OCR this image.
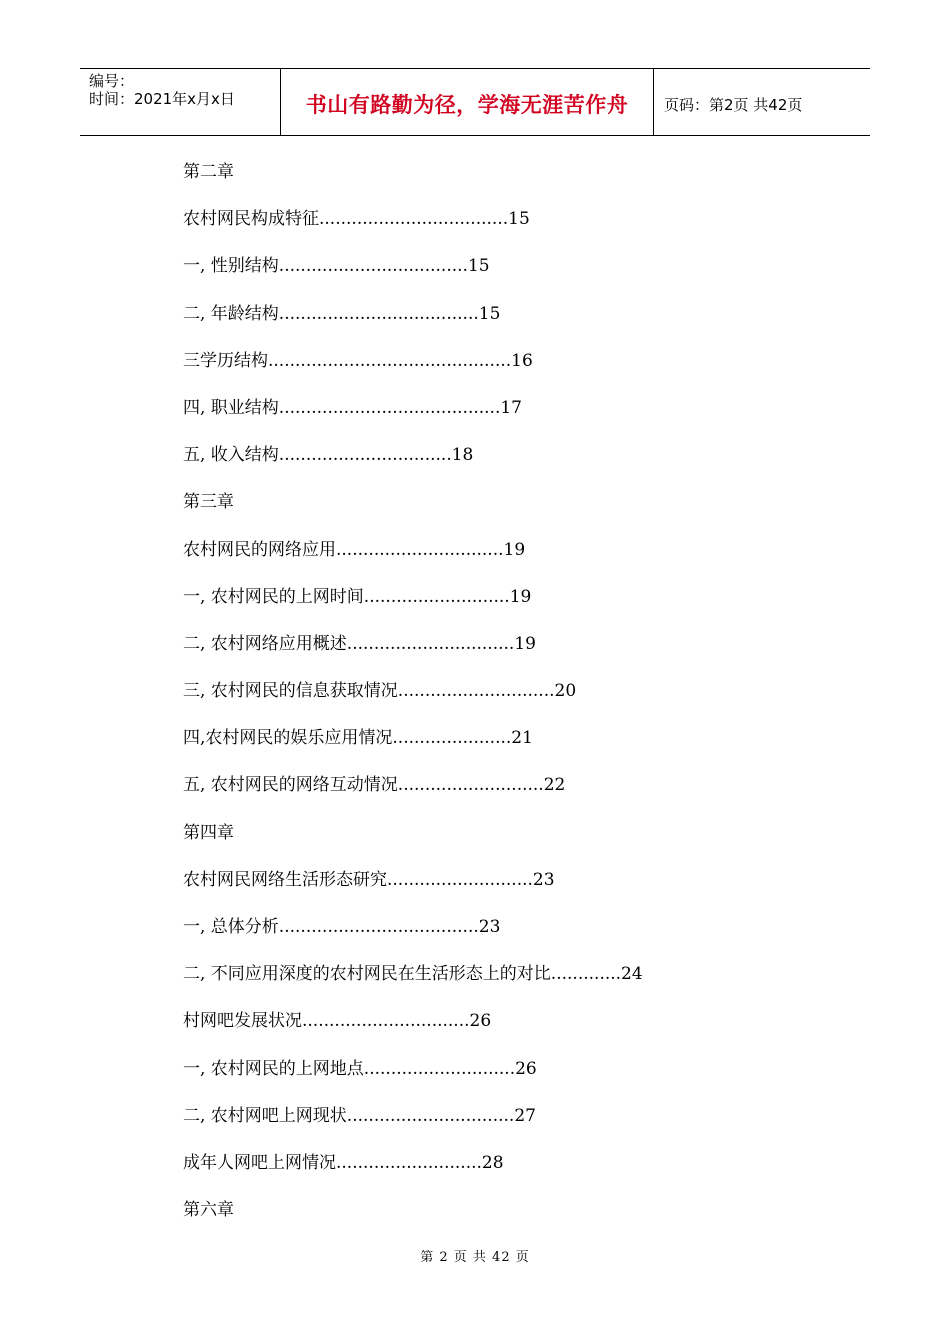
编号：
时间：2021年x月x日	书山有路勤为径，学海无涯苦作舟 页码：第2页 共42页
第二章
农村网民构成特征...................................15
一, 性别结构...................................15
二, 年龄结构.....................................15
三学历结构.............................................16
四, 职业结构.........................................17
五, 收入结构................................18
第三章
农村网民的网络应用...............................19
一, 农村网民的上网时间...........................19
二, 农村网络应用概述...............................19
三, 农村网民的信息获取情况.............................20
四,农村网民的娱乐应用情况......................21
五, 农村网民的网络互动情况...........................22
第四章
农村网民网络生活形态研究...........................23
一, 总体分析.....................................23
二, 不同应用深度的农村网民在生活形态上的对比.............24
村网吧发展状况...............................26
一, 农村网民的上网地点............................26
二, 农村网吧上网现状...............................27
成年人网吧上网情况...........................28
第六章
第 2 页 共 42 页
